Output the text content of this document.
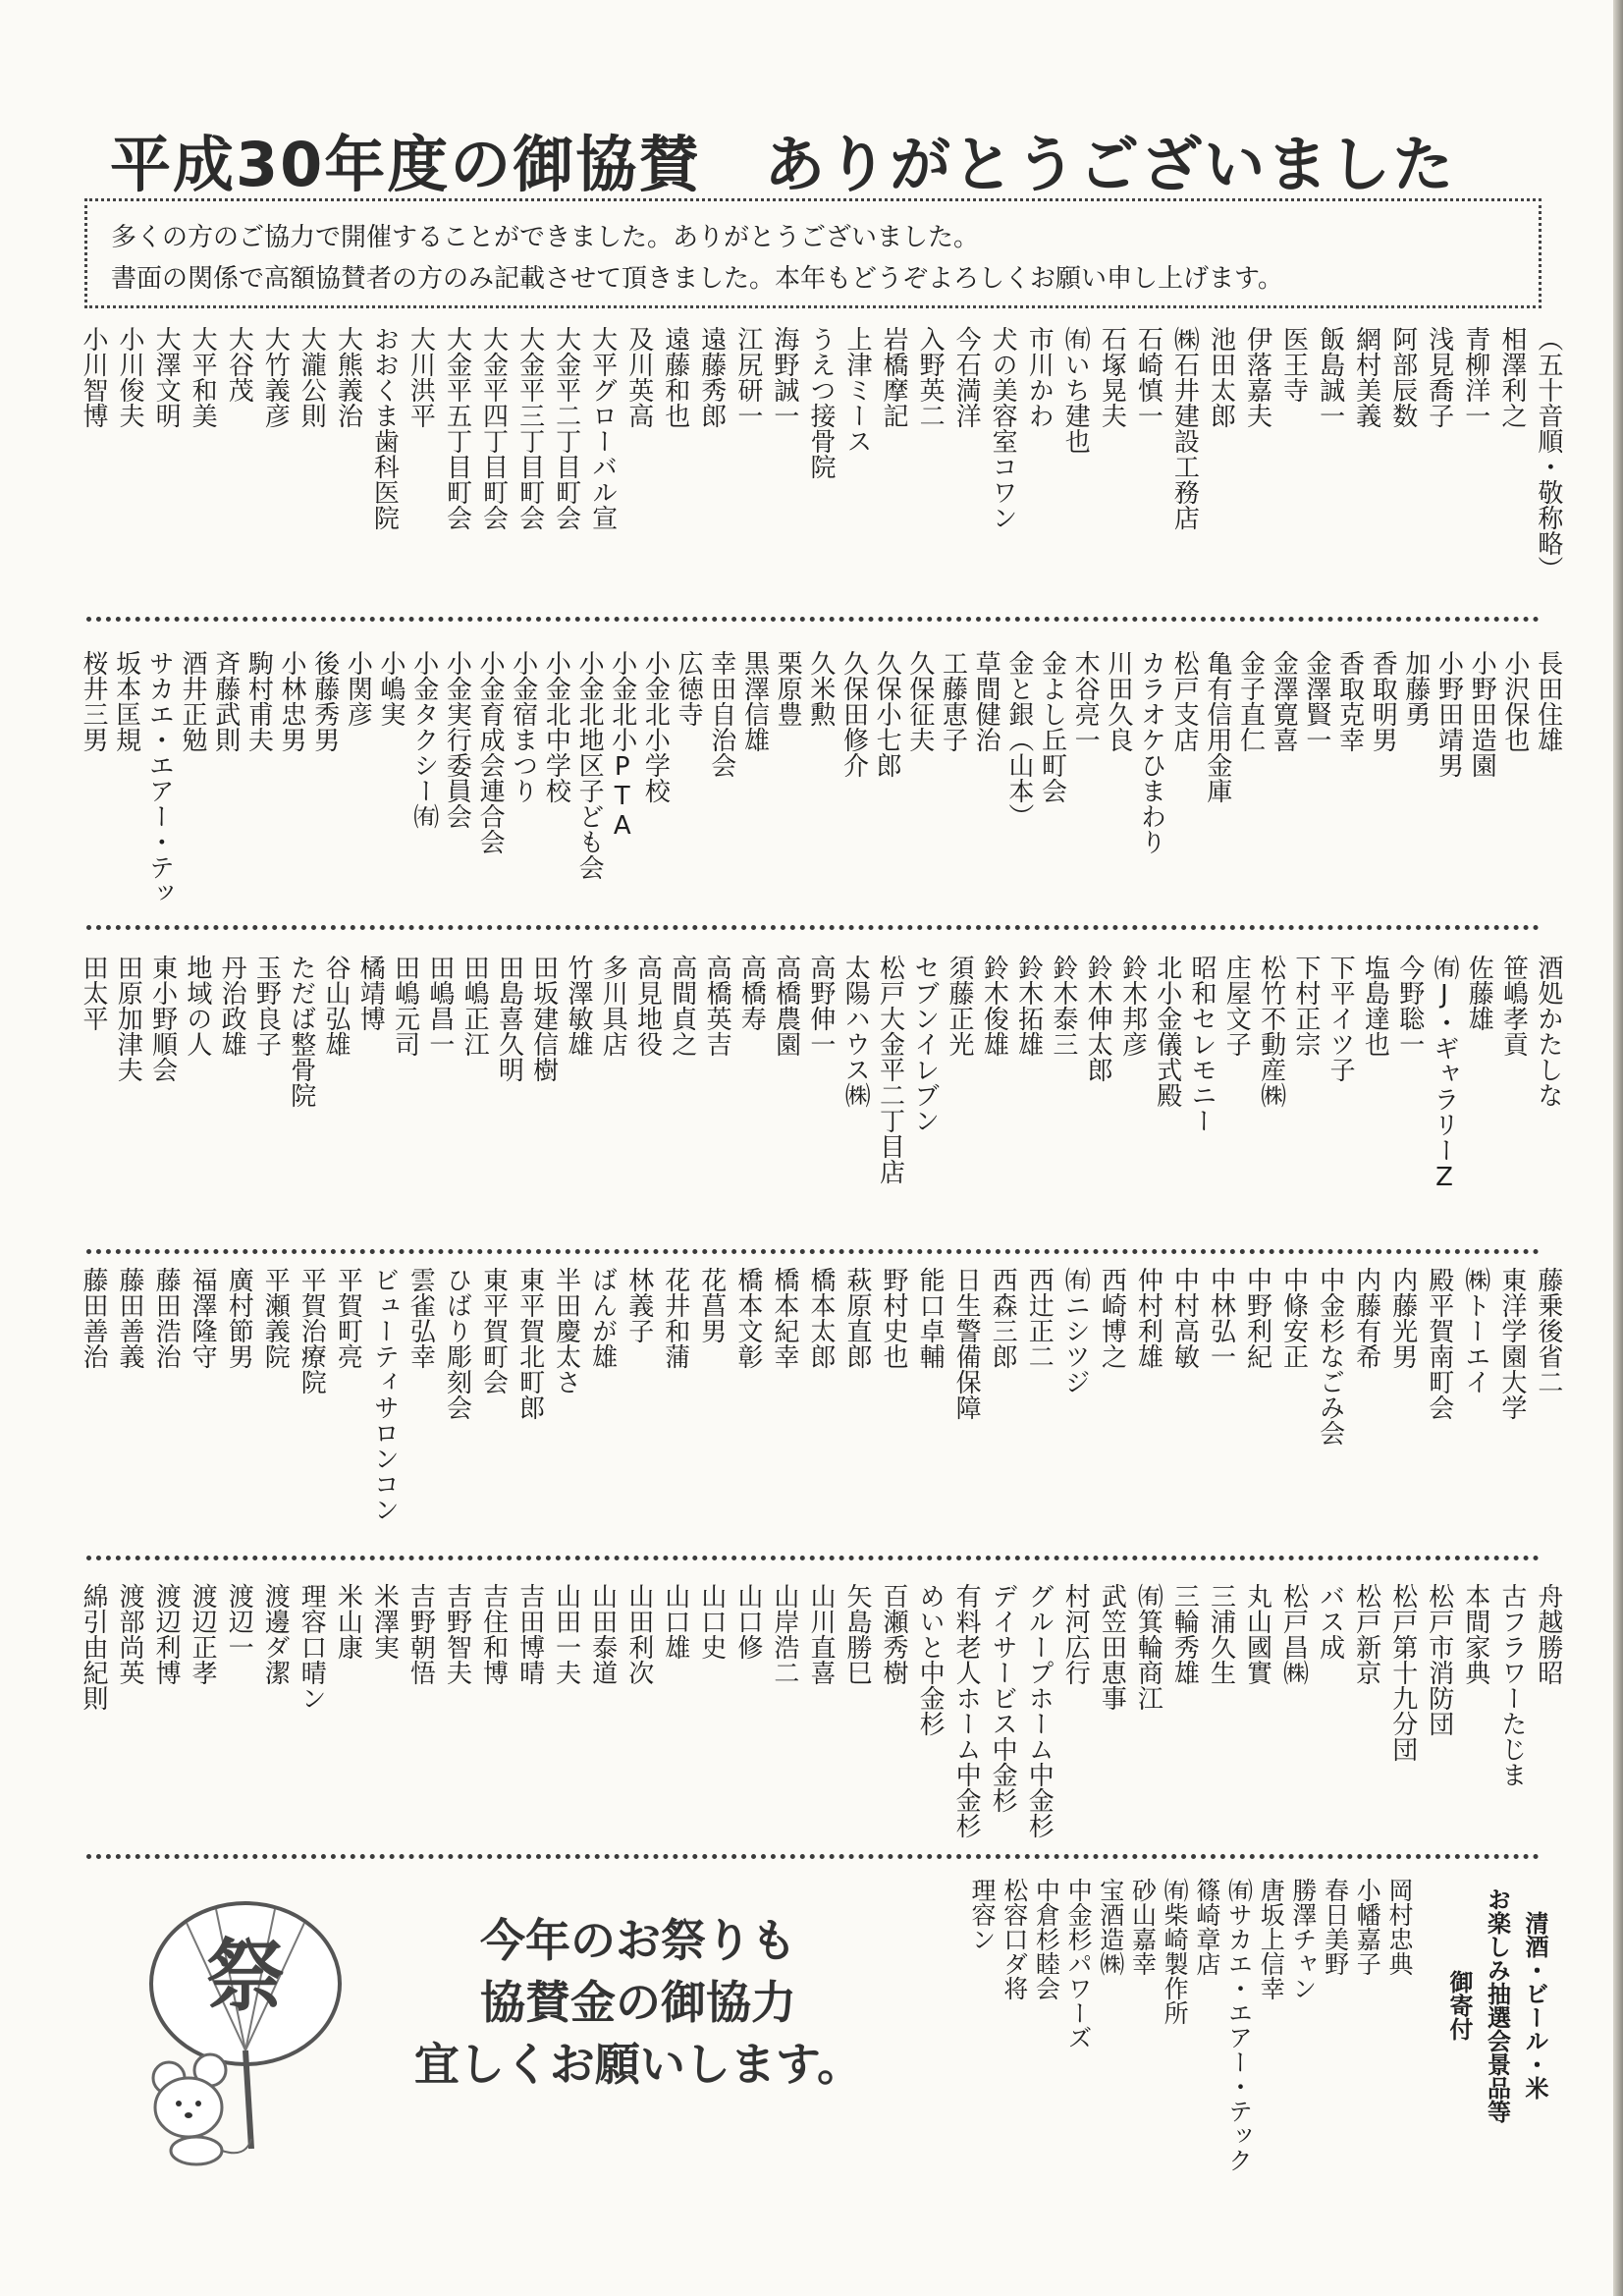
平成30年度の御協賛　ありがとうございました
多くの方のご協力で開催することができました。ありがとうございました。
書面の関係で高額協賛者の方のみ記載させて頂きました。本年もどうぞよろしくお願い申し上げます。
（五十音順・敬称略）
相澤利之
青柳洋一
浅見喬子
阿部辰数
網村美義
飯島誠一
医王寺
伊落嘉夫
池田太郎
㈱石井建設工務店
石崎慎一
石塚晃夫
㈲いち建也
市川かわ
犬の美容室コワン
今石満洋
入野英二
岩橋摩記
上津ミース
うえつ接骨院
海野誠一
江尻研一
遠藤秀郎
遠藤和也
及川英高
大平グローバル宣
大金平二丁目町会
大金平三丁目町会
大金平四丁目町会
大金平五丁目町会
大川洪平
おおくま歯科医院
大熊義治
大瀧公則
大竹義彦
大谷茂
大平和美
大澤文明
小川俊夫
小川智博
長田住雄
小沢保也
小野田造園
小野田靖男
加藤勇
香取明男
香取克幸
金澤賢一
金澤寛喜
金子直仁
亀有信用金庫
松戸支店
カラオケひまわり
川田久良
木谷亮一
金よし丘町会
金と銀（山本）
草間健治
工藤恵子
久保征夫
久保小七郎
久保田修介
久米勲
栗原豊
黒澤信雄
幸田自治会
広徳寺
小金北小学校
小金北小PTA
小金北地区子ども会
小金北中学校
小金宿まつり
小金育成会連合会
小金実行委員会
小金タクシー㈲
小嶋実
小関彦
後藤秀男
小林忠男
駒村甫夫
斉藤武則
酒井正勉
サカエ・エアー・テッ
坂本匡規
桜井三男
酒処かたしな
笹嶋孝貢
佐藤雄
㈲J・ギャラリーZ
今野聡一
塩島達也
下平イツ子
下村正宗
松竹不動産㈱
庄屋文子
昭和セレモニー
北小金儀式殿
鈴木邦彦
鈴木伸太郎
鈴木泰三
鈴木拓雄
鈴木俊雄
須藤正光
セブンイレブン
松戸大金平二丁目店
太陽ハウス㈱
高野伸一
高橋農園
高橋寿
高橋英吉
高間貞之
高見地役
多川具店
竹澤敏雄
田坂建信樹
田島喜久明
田嶋正江
田嶋昌一
田嶋元司
橘靖博
谷山弘雄
ただば整骨院
玉野良子
丹治政雄
地域の人
東小野順会
田原加津夫
田太平
藤乗後省二
東洋学園大学
㈱トーエイ
殿平賀南町会
内藤光男
内藤有希
中金杉なごみ会
中條安正
中野利紀
中林弘一
中村高敏
仲村利雄
西崎博之
㈲ニシツジ
西辻正二
西森三郎
日生警備保障
能口卓輔
野村史也
萩原直郎
橋本太郎
橋本紀幸
橋本文彰
花菖男
花井和蒲
林義子
ばんが雄
半田慶太さ
東平賀北町郎
東平賀町会
ひばり彫刻会
雲雀弘幸
ビューティサロンコン
平賀町亮
平賀治療院
平瀬義院
廣村節男
福澤隆守
藤田浩治
藤田善義
藤田善治
舟越勝昭
古フラワーたじま
本間家典
松戸市消防団
松戸第十九分団
松戸新京
バス成
松戸昌㈱
丸山國實
三浦久生
三輪秀雄
㈲箕輪商江
武笠田恵事
村河広行
グループホーム中金杉
デイサービス中金杉
有料老人ホーム中金杉
めいと中金杉
百瀬秀樹
矢島勝巳
山川直喜
山岸浩二
山口修
山口史
山口雄
山田利次
山田泰道
山田一夫
吉田博晴
吉住和博
吉野智夫
吉野朝悟
米澤実
米山康
理容口晴ン
渡邊ダ潔
渡辺一
渡辺正孝
渡辺利博
渡部尚英
綿引由紀則
祭	今年のお祭りも
協賛金の御協力
宜しくお願いします。
岡村忠典
小幡嘉子
春日美野
勝澤チャン
唐坂上信幸
㈲サカエ・エアー・テック
篠崎章店
㈲柴崎製作所
砂山嘉幸
宝酒造㈱
中金杉パワーズ
中倉杉睦会
松容口ダ将
理容ン	清酒・ビール・米
お楽しみ抽選会景品等
御寄付
